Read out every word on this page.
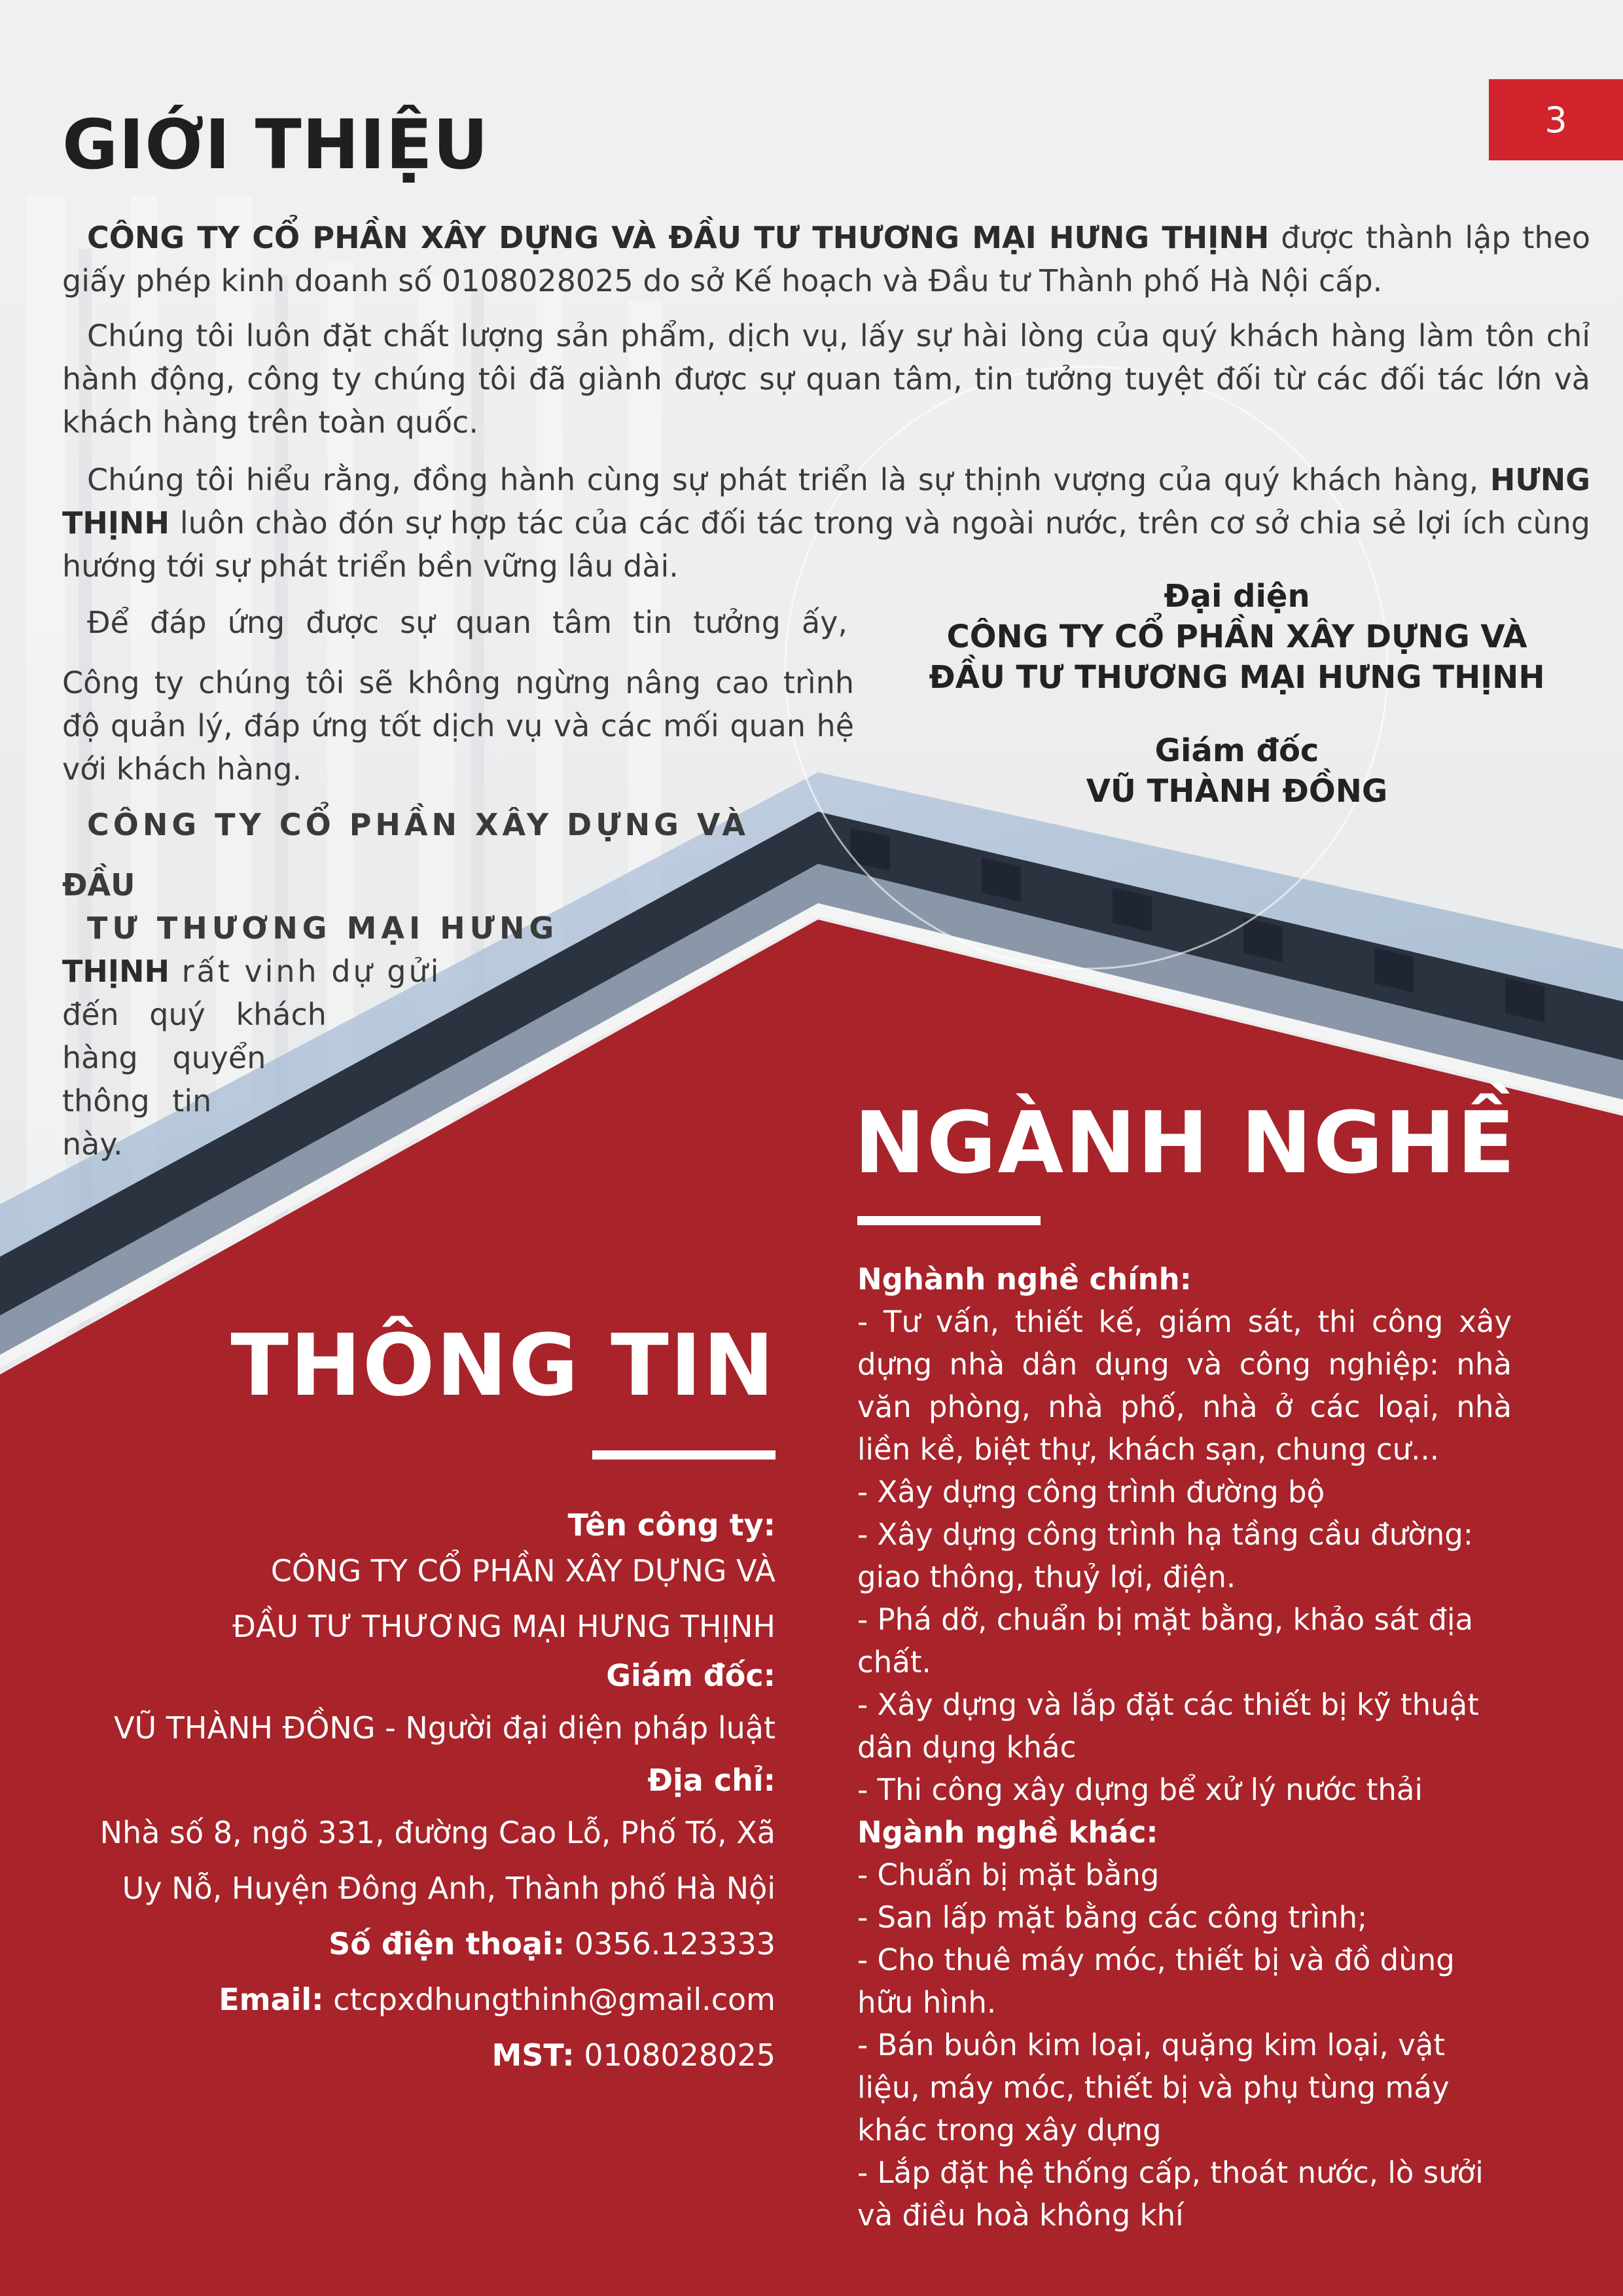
3
GIỚI THIỆU
CÔNG TY CỔ PHẦN XÂY DỰNG VÀ ĐẦU TƯ THƯƠNG MẠI HƯNG THỊNH được thành lập theo giấy phép kinh doanh số 0108028025 do sở Kế hoạch và Đầu tư Thành phố Hà Nội cấp.
Chúng tôi luôn đặt chất lượng sản phẩm, dịch vụ, lấy sự hài lòng của quý khách hàng làm tôn chỉ hành động, công ty chúng tôi đã giành được sự quan tâm, tin tưởng tuyệt đối từ các đối tác lớn và khách hàng trên toàn quốc.
Chúng tôi hiểu rằng, đồng hành cùng sự phát triển là sự thịnh vượng của quý khách hàng, HƯNG THỊNH luôn chào đón sự hợp tác của các đối tác trong và ngoài nước, trên cơ sở chia sẻ lợi ích cùng hướng tới sự phát triển bền vững lâu dài.
Để đáp ứng được sự quan tâm tin tưởng ấy,
Công ty chúng tôi sẽ không ngừng nâng cao trình độ quản lý, đáp ứng tốt dịch vụ và các mối quan hệ với khách hàng.
CÔNG TY CỔ PHẦN XÂY DỰNG VÀ
ĐẦU
TƯ THƯƠNG MẠI HƯNG
THỊNH rất vinh dự gửi
đến quý khách
hàng quyển
thông tin
này.
Đại diện
CÔNG TY CỔ PHẦN XÂY DỰNG VÀ
ĐẦU TƯ THƯƠNG MẠI HƯNG THỊNH
Giám đốc
VŨ THÀNH ĐỒNG
THÔNG TIN
Tên công ty:
CÔNG TY CỔ PHẦN XÂY DỰNG VÀ
ĐẦU TƯ THƯƠNG MẠI HƯNG THỊNH
Giám đốc:
VŨ THÀNH ĐỒNG - Người đại diện pháp luật
Địa chỉ:
Nhà số 8, ngõ 331, đường Cao Lỗ, Phố Tó, Xã
Uy Nỗ, Huyện Đông Anh, Thành phố Hà Nội
Số điện thoại: 0356.123333
Email: ctcpxdhungthinh@gmail.com
MST: 0108028025
NGÀNH NGHỀ
Nghành nghề chính:
- Tư vấn, thiết kế, giám sát, thi công xây dựng nhà dân dụng và công nghiệp: nhà văn phòng, nhà phố, nhà ở các loại, nhà liền kề, biệt thự, khách sạn, chung cư...
- Xây dựng công trình đường bộ
- Xây dựng công trình hạ tầng cầu đường: giao thông, thuỷ lợi, điện.
- Phá dỡ, chuẩn bị mặt bằng, khảo sát địa chất.
- Xây dựng và lắp đặt các thiết bị kỹ thuật dân dụng khác
- Thi công xây dựng bể xử lý nước thải
Ngành nghề khác:
- Chuẩn bị mặt bằng
- San lấp mặt bằng các công trình;
- Cho thuê máy móc, thiết bị và đồ dùng hữu hình.
- Bán buôn kim loại, quặng kim loại, vật liệu, máy móc, thiết bị và phụ tùng máy khác trong xây dựng
- Lắp đặt hệ thống cấp, thoát nước, lò sưởi và điều hoà không khí
